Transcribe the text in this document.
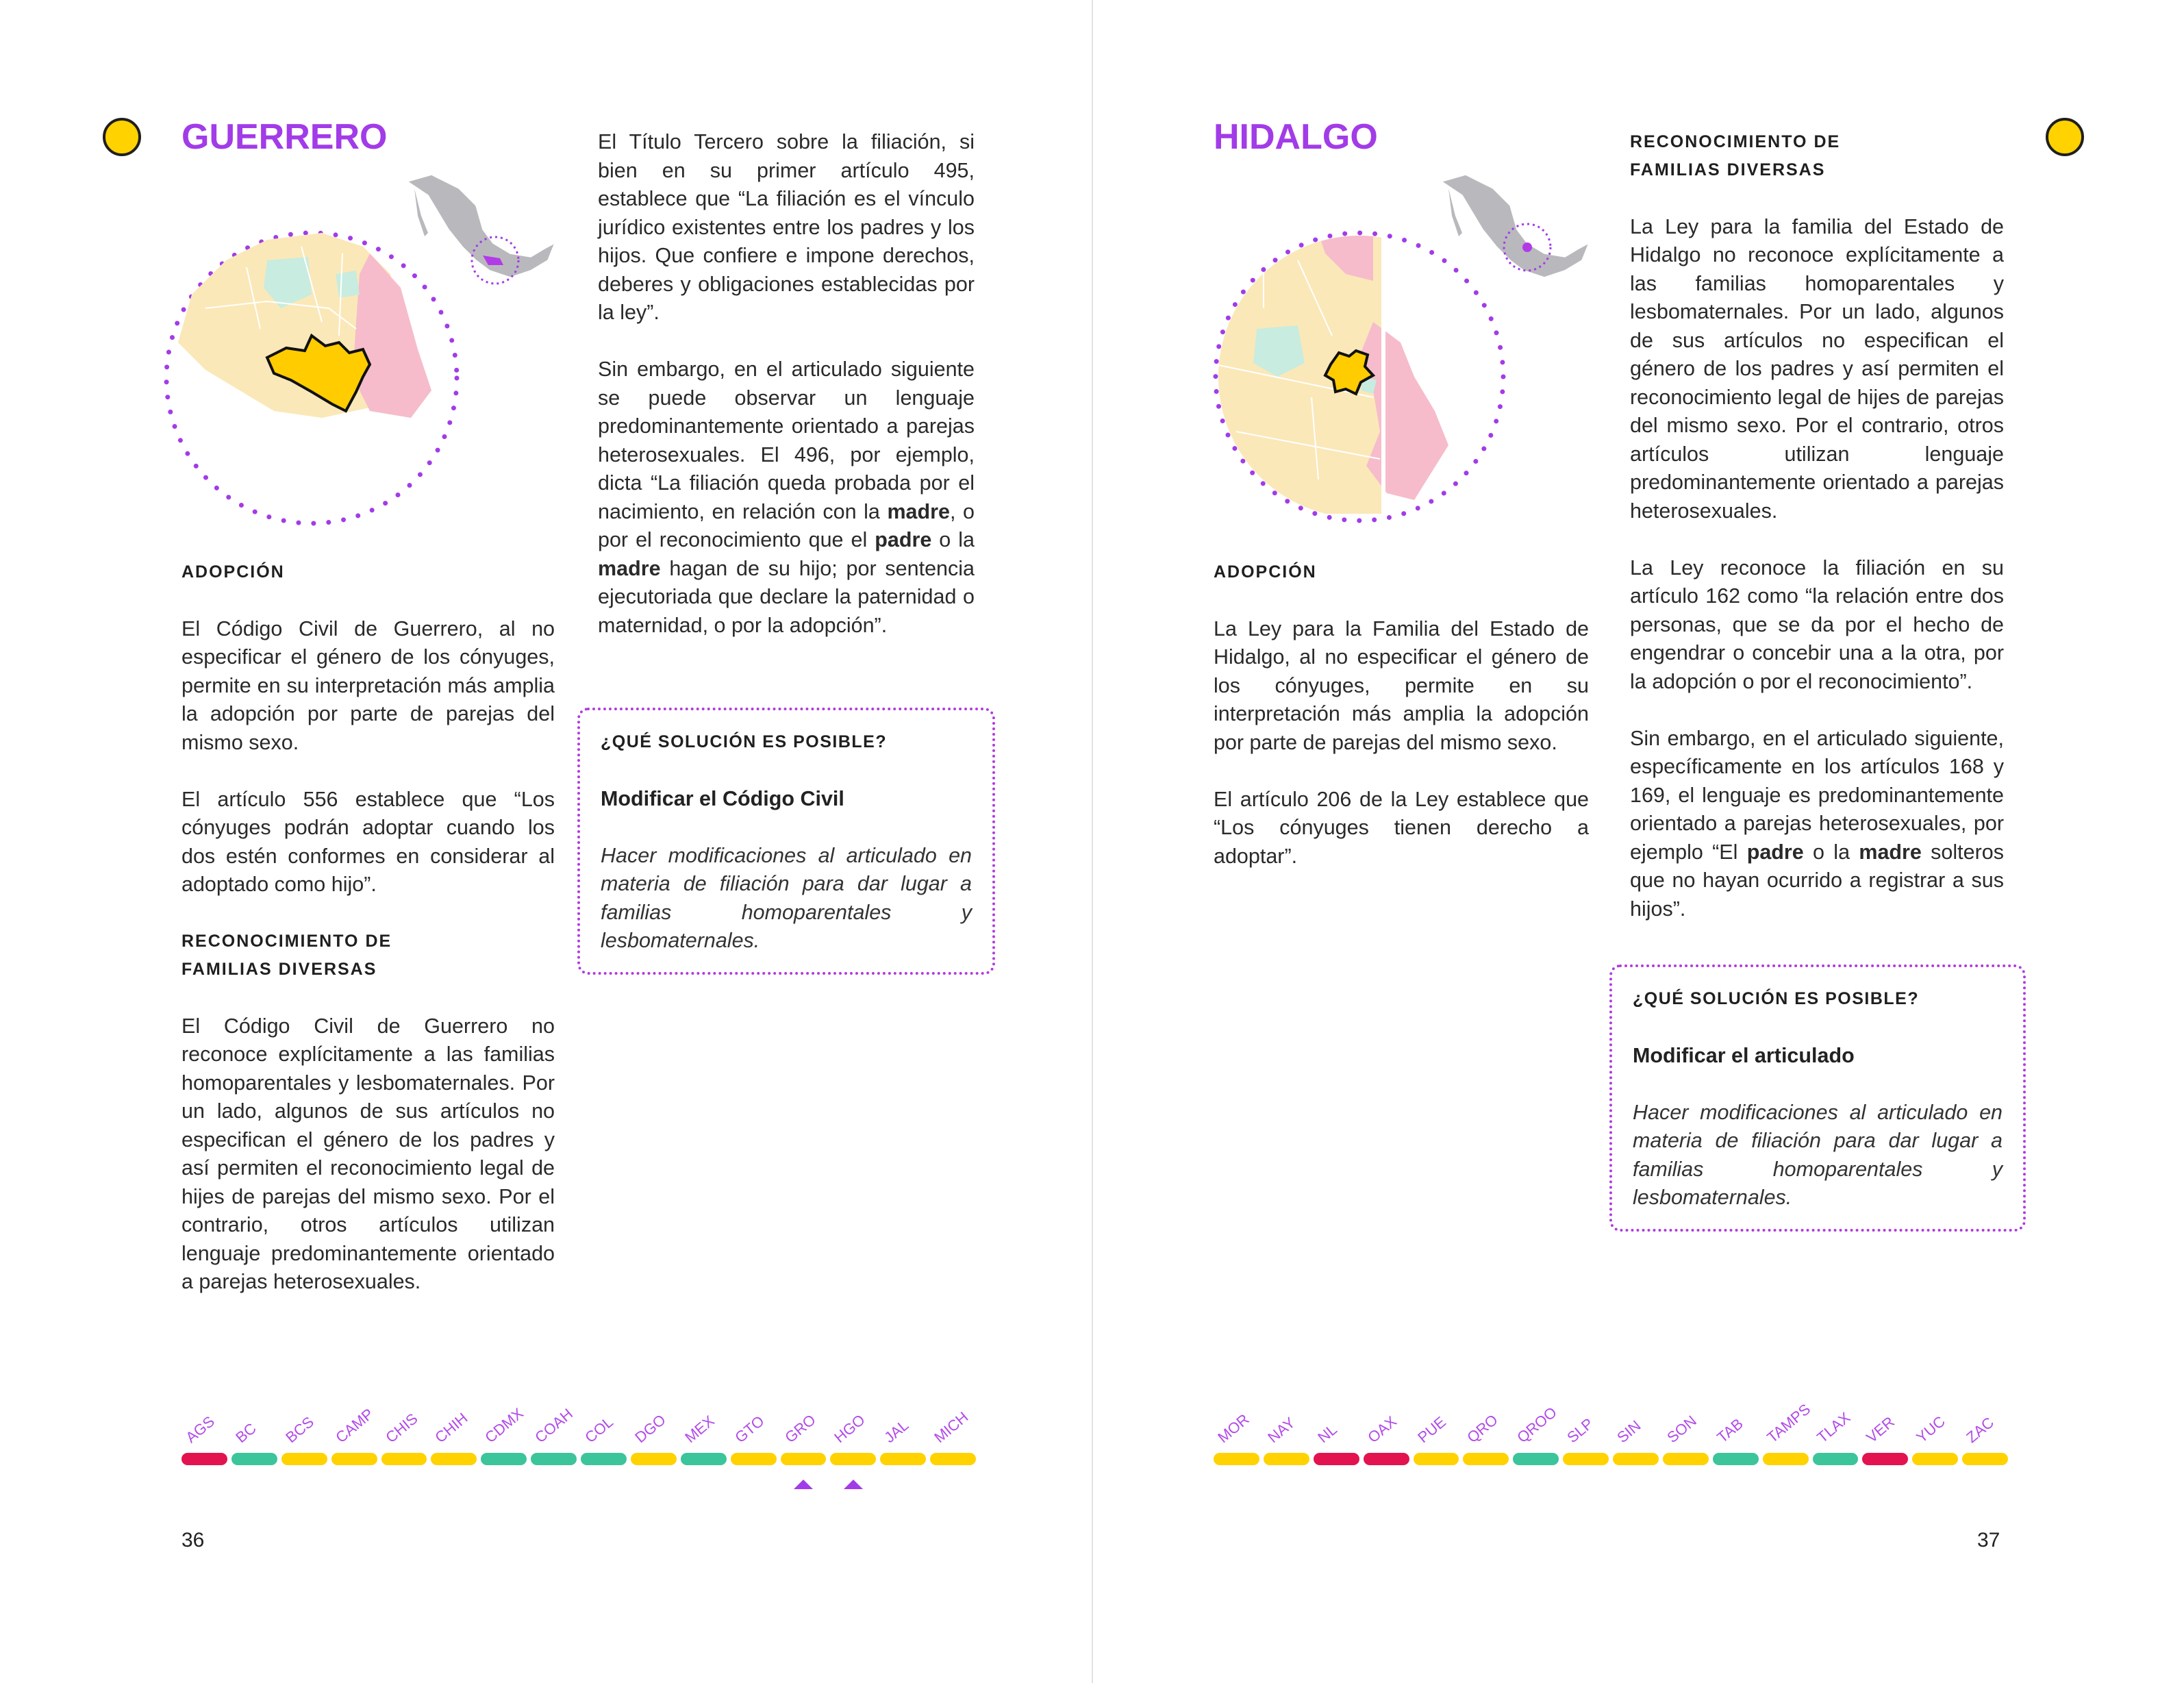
GUERRERO
ADOPCIÓN

El Código Civil de Guerrero, al no especificar el género de los cónyuges, permite en su interpretación más amplia la adopción por parte de parejas del mismo sexo.

El artículo 556 establece que “Los cónyuges podrán adoptar cuando los dos estén conformes en considerar al adoptado como hijo”.

RECONOCIMIENTO DE
FAMILIAS DIVERSAS

El Código Civil de Guerrero no reconoce explícitamente a las familias homoparentales y lesbomaternales. Por un lado, algunos de sus artículos no especifican el género de los padres y así permiten el reconocimiento legal de hijes de parejas del mismo sexo. Por el contrario, otros artículos utilizan lenguaje predominantemente orientado a parejas heterosexuales.

El Título Tercero sobre la filiación, si bien en su primer artículo 495, establece que “La filiación es el vínculo jurídico existentes entre los padres y los hijos. Que confiere e impone derechos, deberes y obligaciones establecidas por la ley”.

Sin embargo, en el articulado siguiente se puede observar un lenguaje predominantemente orientado a parejas heterosexuales. El 496, por ejemplo, dicta “La filiación queda probada por el nacimiento, en relación con la madre, o por el reconocimiento que el padre o la madre hagan de su hijo; por sentencia ejecutoriada que declare la paternidad o maternidad, o por la adopción”.

¿QUÉ SOLUCIÓN ES POSIBLE?
Modificar el Código Civil
Hacer modificaciones al articulado en materia de filiación para dar lugar a familias homoparentales y lesbomaternales.
AGS BC BCS CAMP CHIS CHIH CDMX COAH COL DGO MEX GTO GRO HGO JAL MICH
36
HIDALGO
ADOPCIÓN

La Ley para la Familia del Estado de Hidalgo, al no especificar el género de los cónyuges, permite en su interpretación más amplia la adopción por parte de parejas del mismo sexo.

El artículo 206 de la Ley establece que “Los cónyuges tienen derecho a adoptar”.

RECONOCIMIENTO DE
FAMILIAS DIVERSAS

La Ley para la familia del Estado de Hidalgo no reconoce explícitamente a las familias homoparentales y lesbomaternales. Por un lado, algunos de sus artículos no especifican el género de los padres y así permiten el reconocimiento legal de hijes de parejas del mismo sexo. Por el contrario, otros artículos utilizan lenguaje predominantemente orientado a parejas heterosexuales.

La Ley reconoce la filiación en su artículo 162 como “la relación entre dos personas, que se da por el hecho de engendrar o concebir una a la otra, por la adopción o por el reconocimiento”.

Sin embargo, en el articulado siguiente, específicamente en los artículos 168 y 169, el lenguaje es predominantemente orientado a parejas heterosexuales, por ejemplo “El padre o la madre solteros que no hayan ocurrido a registrar a sus hijos”.

¿QUÉ SOLUCIÓN ES POSIBLE?
Modificar el articulado
Hacer modificaciones al articulado en materia de filiación para dar lugar a familias homoparentales y lesbomaternales.
MOR NAY NL OAX PUE QRO QROO SLP SIN SON TAB TAMPS TLAX VER YUC ZAC
37
